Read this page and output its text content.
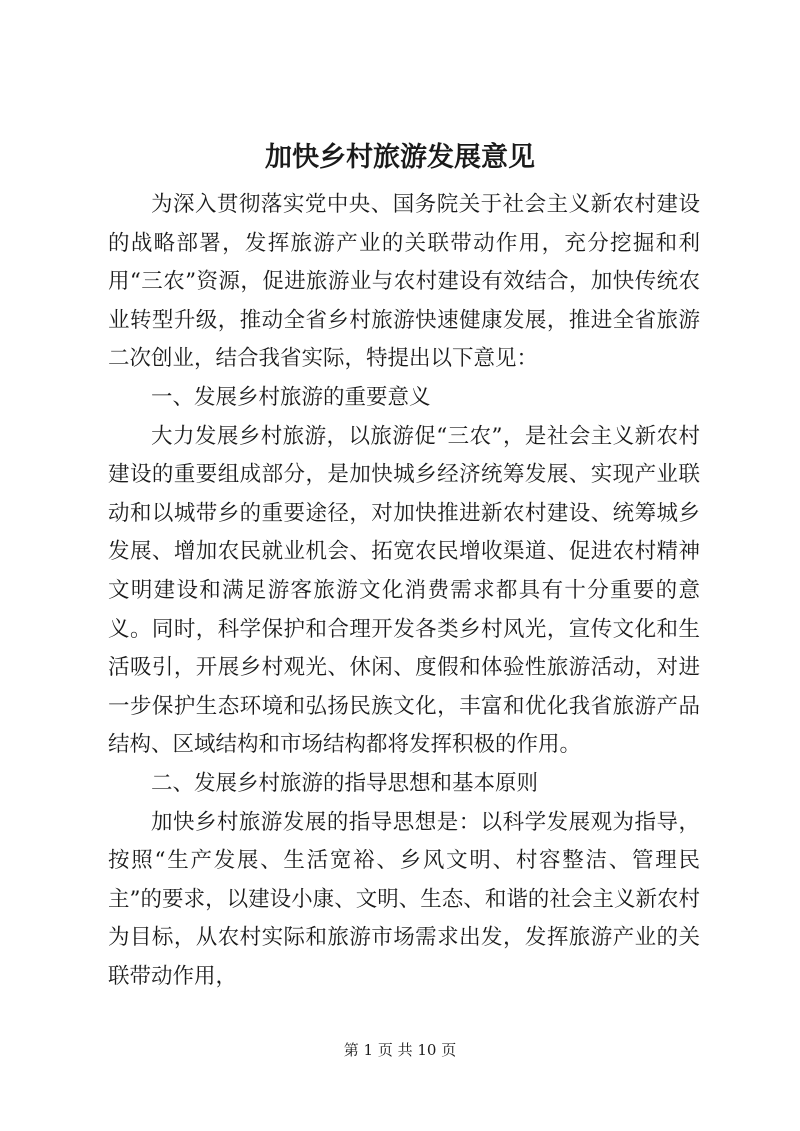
加快乡村旅游发展意见

为深入贯彻落实党中央、国务院关于社会主义新农村建设的战略部署，发挥旅游产业的关联带动作用，充分挖掘和利用“三农”资源，促进旅游业与农村建设有效结合，加快传统农业转型升级，推动全省乡村旅游快速健康发展，推进全省旅游二次创业，结合我省实际，特提出以下意见：

一、发展乡村旅游的重要意义

大力发展乡村旅游，以旅游促“三农”，是社会主义新农村建设的重要组成部分，是加快城乡经济统筹发展、实现产业联动和以城带乡的重要途径，对加快推进新农村建设、统筹城乡发展、增加农民就业机会、拓宽农民增收渠道、促进农村精神文明建设和满足游客旅游文化消费需求都具有十分重要的意义。同时，科学保护和合理开发各类乡村风光，宣传文化和生活吸引，开展乡村观光、休闲、度假和体验性旅游活动，对进一步保护生态环境和弘扬民族文化，丰富和优化我省旅游产品结构、区域结构和市场结构都将发挥积极的作用。

二、发展乡村旅游的指导思想和基本原则

加快乡村旅游发展的指导思想是：以科学发展观为指导，按照“生产发展、生活宽裕、乡风文明、村容整洁、管理民主”的要求，以建设小康、文明、生态、和谐的社会主义新农村为目标，从农村实际和旅游市场需求出发，发挥旅游产业的关联带动作用，

第 1 页 共 10 页
